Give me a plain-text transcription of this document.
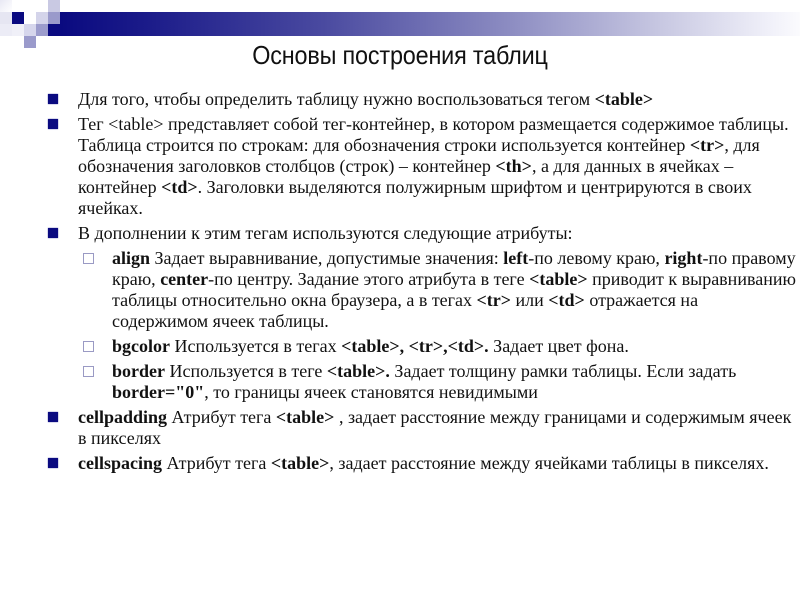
Основы построения таблиц
Для того, чтобы определить таблицу нужно воспользоваться тегом <table>
Тег <table> представляет собой тег-контейнер, в котором размещается содержимое таблицы. Таблица строится по строкам: для обозначения строки используется контейнер <tr>, для обозначения заголовков столбцов (строк) – контейнер <th>, а для данных в ячейках – контейнер <td>. Заголовки выделяются полужирным шрифтом и центрируются в своих ячейках.
В дополнении к этим тегам используются следующие атрибуты:
align Задает выравнивание, допустимые значения: left-по левому краю, right-по правому краю, center-по центру. Задание этого атрибута в теге <table> приводит к выравниванию таблицы относительно окна браузера, а в тегах <tr> или <td> отражается на содержимом ячеек таблицы.
bgcolor Используется в тегах <table>, <tr>,<td>. Задает цвет фона.
border Используется в теге <table>. Задает толщину рамки таблицы. Если задать border="0", то границы ячеек становятся невидимыми
cellpadding Атрибут тега <table> , задает расстояние между границами и содержимым ячеек в пикселях
cellspacing Атрибут тега <table>, задает расстояние между ячейками таблицы в пикселях.
